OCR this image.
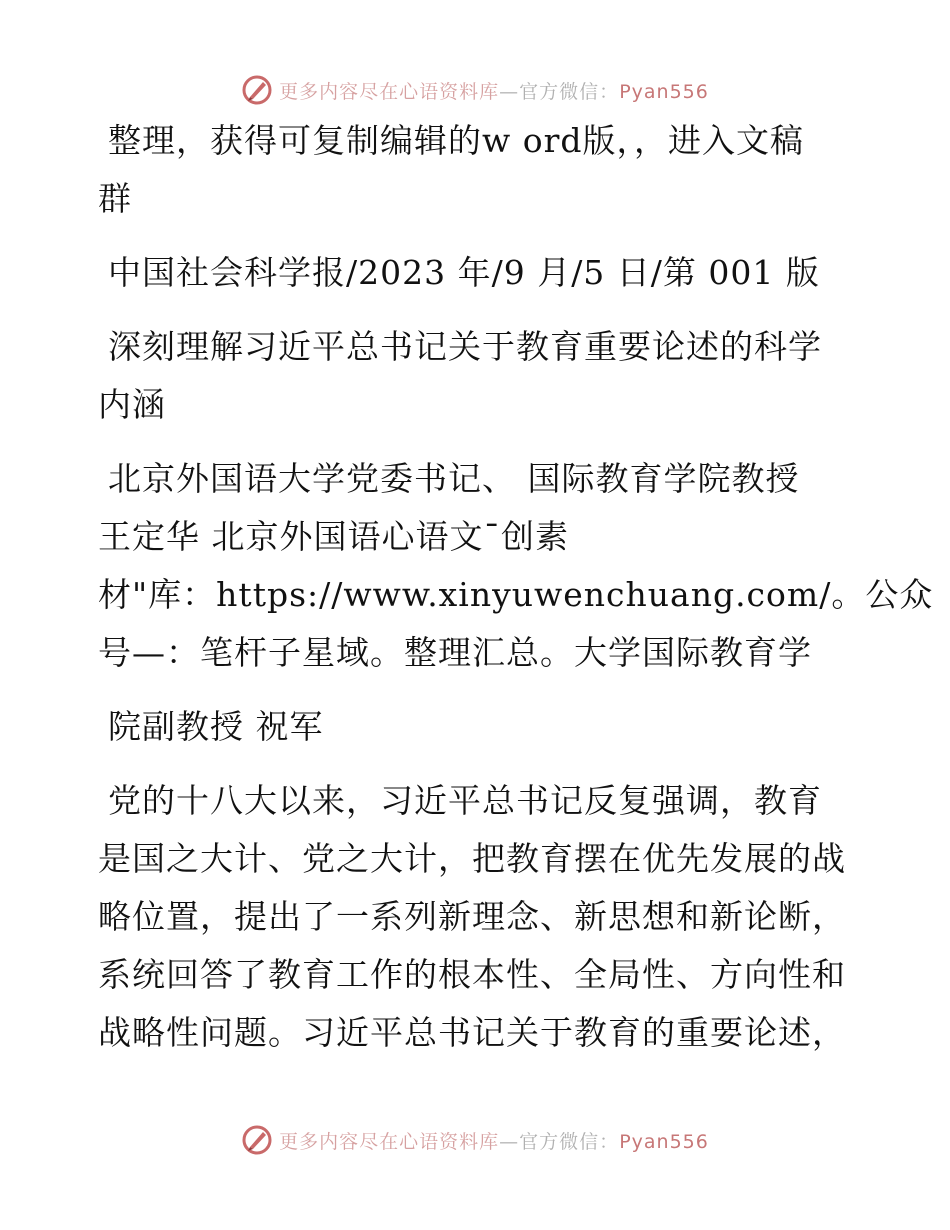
更多内容尽在心语资料库—官方微信：Pyan556
整理，获得可复制编辑的w ord版，，进入文稿
群
中国社会科学报/2023 年/9 月/5 日/第 001 版
深刻理解习近平总书记关于教育重要论述的科学
内涵
北京外国语大学党委书记、 国际教育学院教授
王定华 北京外国语心语文¯创素
材"库：https://www.xinyuwenchuang.com/。公众
号—：笔杆子星域。整理汇总。大学国际教育学
院副教授 祝军
党的十八大以来，习近平总书记反复强调，教育
是国之大计、党之大计，把教育摆在优先发展的战
略位置，提出了一系列新理念、新思想和新论断，
系统回答了教育工作的根本性、全局性、方向性和
战略性问题。习近平总书记关于教育的重要论述，
更多内容尽在心语资料库—官方微信：Pyan556
